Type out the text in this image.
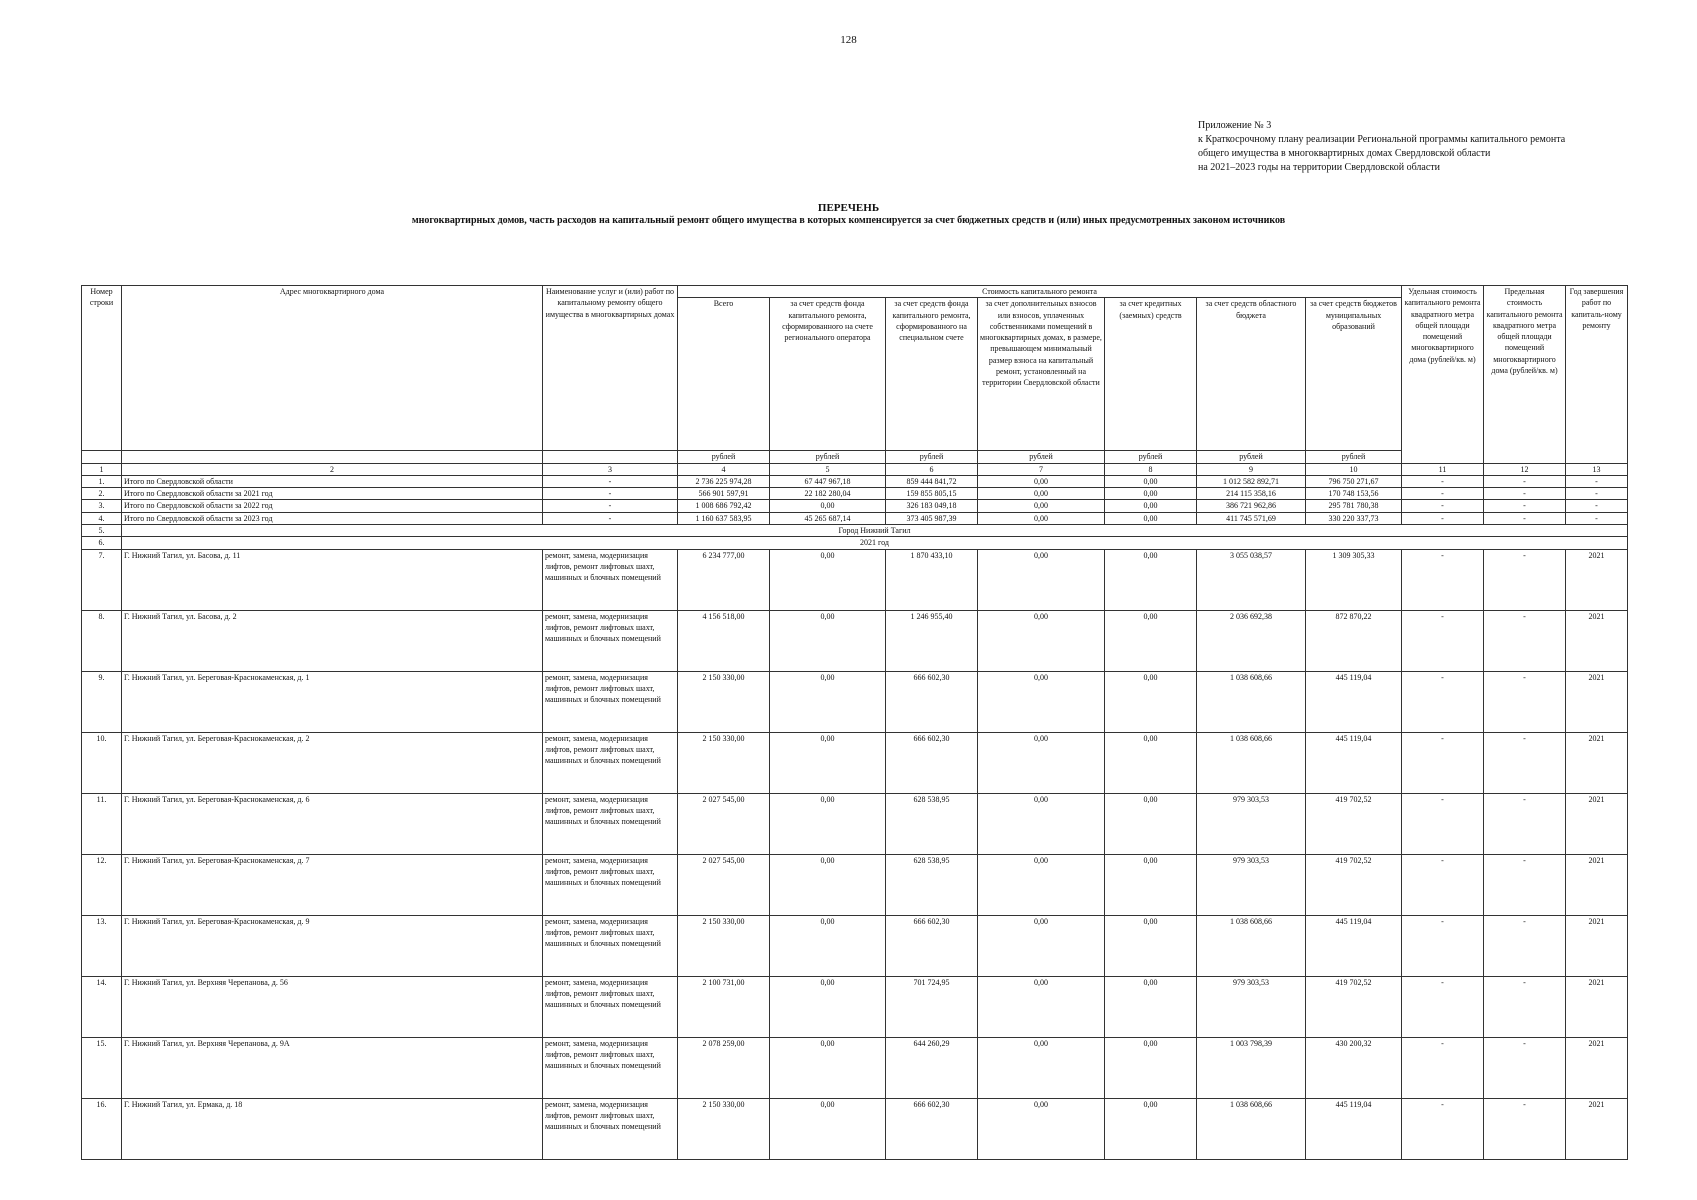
128
Приложение № 3
к Краткосрочному плану реализации Региональной программы капитального ремонта
общего имущества в многоквартирных домах Свердловской области
на 2021–2023 годы на территории Свердловской области
ПЕРЕЧЕНЬ
многоквартирных домов, часть расходов на капитальный ремонт общего имущества в которых компенсируется за счет бюджетных средств и (или) иных предусмотренных законом источников
Номер строки	Адрес многоквартирного дома	Наименование услуг и (или) работ по капитальному ремонту общего имущества в многоквартирных домах	Стоимость капитального ремонта							Удельная стоимость капитального ремонта квадратного метра общей площади помещений многоквартирного дома (рублей/кв. м)	Предельная стоимость капитального ремонта квадратного метра общей площади помещений многоквартирного дома (рублей/кв. м)	Год завершения работ по капиталь-ному ремонту
			Всего	за счет средств фонда капитального ремонта, сформированного на счете регионального оператора	за счет средств фонда капитального ремонта, сформированного на специальном счете	за счет дополнительных взносов или взносов, уплаченных собственниками помещений в многоквартирных домах, в размере, превышающем минимальный размер взноса на капитальный ремонт, установленный на территории Свердловской области	за счет кредитных (заемных) средств	за счет средств областного бюджета	за счет средств бюджетов муниципальных образований			
			рублей	рублей	рублей	рублей	рублей	рублей	рублей			
1	2	3	4	5	6	7	8	9	10	11	12	13
1.	Итого по Свердловской области	-	2 736 225 974,28	67 447 967,18	859 444 841,72	0,00	0,00	1 012 582 892,71	796 750 271,67	-	-	-
2.	Итого по Свердловской области за 2021 год	-	566 901 597,91	22 182 280,04	159 855 805,15	0,00	0,00	214 115 358,16	170 748 153,56	-	-	-
3.	Итого по Свердловской области за 2022 год	-	1 008 686 792,42	0,00	326 183 049,18	0,00	0,00	386 721 962,86	295 781 780,38	-	-	-
4.	Итого по Свердловской области за 2023 год	-	1 160 637 583,95	45 265 687,14	373 405 987,39	0,00	0,00	411 745 571,69	330 220 337,73	-	-	-
5.	Город Нижний Тагил											
6.	2021 год											
7.	Г. Нижний Тагил, ул. Басова, д. 11	ремонт, замена, модернизация лифтов, ремонт лифтовых шахт, машинных и блочных помещений	6 234 777,00	0,00	1 870 433,10	0,00	0,00	3 055 038,57	1 309 305,33	-	-	2021
8.	Г. Нижний Тагил, ул. Басова, д. 2	ремонт, замена, модернизация лифтов, ремонт лифтовых шахт, машинных и блочных помещений	4 156 518,00	0,00	1 246 955,40	0,00	0,00	2 036 692,38	872 870,22	-	-	2021
9.	Г. Нижний Тагил, ул. Береговая-Краснокаменская, д. 1	ремонт, замена, модернизация лифтов, ремонт лифтовых шахт, машинных и блочных помещений	2 150 330,00	0,00	666 602,30	0,00	0,00	1 038 608,66	445 119,04	-	-	2021
10.	Г. Нижний Тагил, ул. Береговая-Краснокаменская, д. 2	ремонт, замена, модернизация лифтов, ремонт лифтовых шахт, машинных и блочных помещений	2 150 330,00	0,00	666 602,30	0,00	0,00	1 038 608,66	445 119,04	-	-	2021
11.	Г. Нижний Тагил, ул. Береговая-Краснокаменская, д. 6	ремонт, замена, модернизация лифтов, ремонт лифтовых шахт, машинных и блочных помещений	2 027 545,00	0,00	628 538,95	0,00	0,00	979 303,53	419 702,52	-	-	2021
12.	Г. Нижний Тагил, ул. Береговая-Краснокаменская, д. 7	ремонт, замена, модернизация лифтов, ремонт лифтовых шахт, машинных и блочных помещений	2 027 545,00	0,00	628 538,95	0,00	0,00	979 303,53	419 702,52	-	-	2021
13.	Г. Нижний Тагил, ул. Береговая-Краснокаменская, д. 9	ремонт, замена, модернизация лифтов, ремонт лифтовых шахт, машинных и блочных помещений	2 150 330,00	0,00	666 602,30	0,00	0,00	1 038 608,66	445 119,04	-	-	2021
14.	Г. Нижний Тагил, ул. Верхняя Черепанова, д. 56	ремонт, замена, модернизация лифтов, ремонт лифтовых шахт, машинных и блочных помещений	2 100 731,00	0,00	701 724,95	0,00	0,00	979 303,53	419 702,52	-	-	2021
15.	Г. Нижний Тагил, ул. Верхняя Черепанова, д. 9А	ремонт, замена, модернизация лифтов, ремонт лифтовых шахт, машинных и блочных помещений	2 078 259,00	0,00	644 260,29	0,00	0,00	1 003 798,39	430 200,32	-	-	2021
16.	Г. Нижний Тагил, ул. Ермака, д. 18	ремонт, замена, модернизация лифтов, ремонт лифтовых шахт, машинных и блочных помещений	2 150 330,00	0,00	666 602,30	0,00	0,00	1 038 608,66	445 119,04	-	-	2021
